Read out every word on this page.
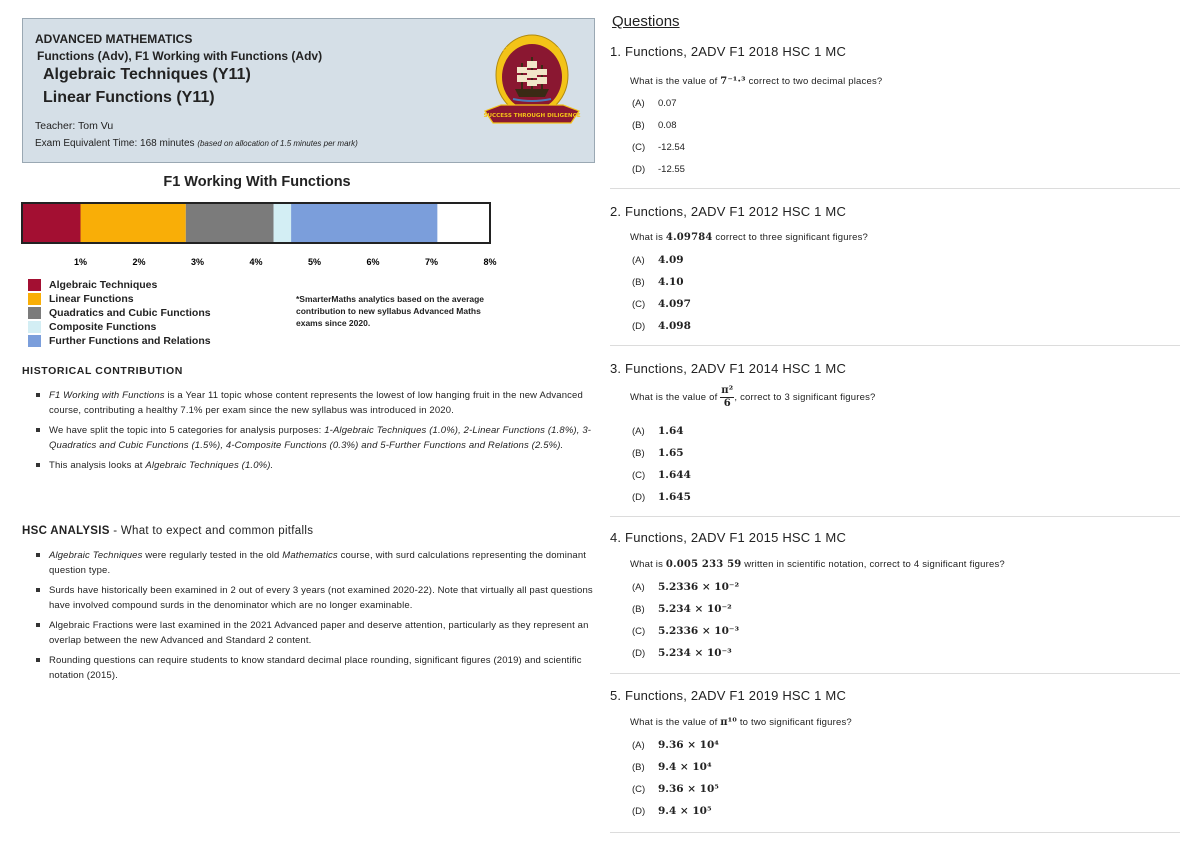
ADVANCED MATHEMATICS
Functions (Adv), F1 Working with Functions (Adv)
Algebraic Techniques (Y11)
Linear Functions (Y11)
Teacher: Tom Vu
Exam Equivalent Time: 168 minutes (based on allocation of 1.5 minutes per mark)
NORTHMEAD
SUCCESS THROUGH DILIGENCE
F1 Working With Functions
1%	2%	3%	4%	5%	6%	7%	8%
Algebraic Techniques
Linear Functions
Quadratics and Cubic Functions
Composite Functions
Further Functions and Relations
*SmarterMaths analytics based on the average contribution to new syllabus Advanced Maths exams since 2020.
HISTORICAL CONTRIBUTION
F1 Working with Functions is a Year 11 topic whose content represents the lowest of low hanging fruit in the new Advanced course, contributing a healthy 7.1% per exam since the new syllabus was introduced in 2020.
We have split the topic into 5 categories for analysis purposes: 1-Algebraic Techniques (1.0%), 2-Linear Functions (1.8%), 3-Quadratics and Cubic Functions (1.5%), 4-Composite Functions (0.3%) and 5-Further Functions and Relations (2.5%).
This analysis looks at Algebraic Techniques (1.0%).
HSC ANALYSIS - What to expect and common pitfalls
Algebraic Techniques were regularly tested in the old Mathematics course, with surd calculations representing the dominant question type.
Surds have historically been examined in 2 out of every 3 years (not examined 2020-22). Note that virtually all past questions have involved compound surds in the denominator which are no longer examinable.
Algebraic Fractions were last examined in the 2021 Advanced paper and deserve attention, particularly as they represent an overlap between the new Advanced and Standard 2 content.
Rounding questions can require students to know standard decimal place rounding, significant figures (2019) and scientific notation (2015).
Questions
1. Functions, 2ADV F1 2018 HSC 1 MC
What is the value of 7⁻¹·³ correct to two decimal places?
(A) 0.07
(B) 0.08
(C) -12.54
(D) -12.55
2. Functions, 2ADV F1 2012 HSC 1 MC
What is 4.09784 correct to three significant figures?
(A) 4.09
(B) 4.10
(C) 4.097
(D) 4.098
3. Functions, 2ADV F1 2014 HSC 1 MC
What is the value of $\frac{\text{π²}}{6}$ , correct to 3 significant figures?
(A) 1.64
(B) 1.65
(C) 1.644
(D) 1.645
4. Functions, 2ADV F1 2015 HSC 1 MC
What is 0.005 233 59 written in scientific notation, correct to 4 significant figures?
(A) 5.2336 × 10⁻²
(B) 5.234 × 10⁻²
(C) 5.2336 × 10⁻³
(D) 5.234 × 10⁻³
5. Functions, 2ADV F1 2019 HSC 1 MC
What is the value of π¹⁰ to two significant figures?
(A) 9.36 × 10⁴
(B) 9.4 × 10⁴
(C) 9.36 × 10⁵
(D) 9.4 × 10⁵
